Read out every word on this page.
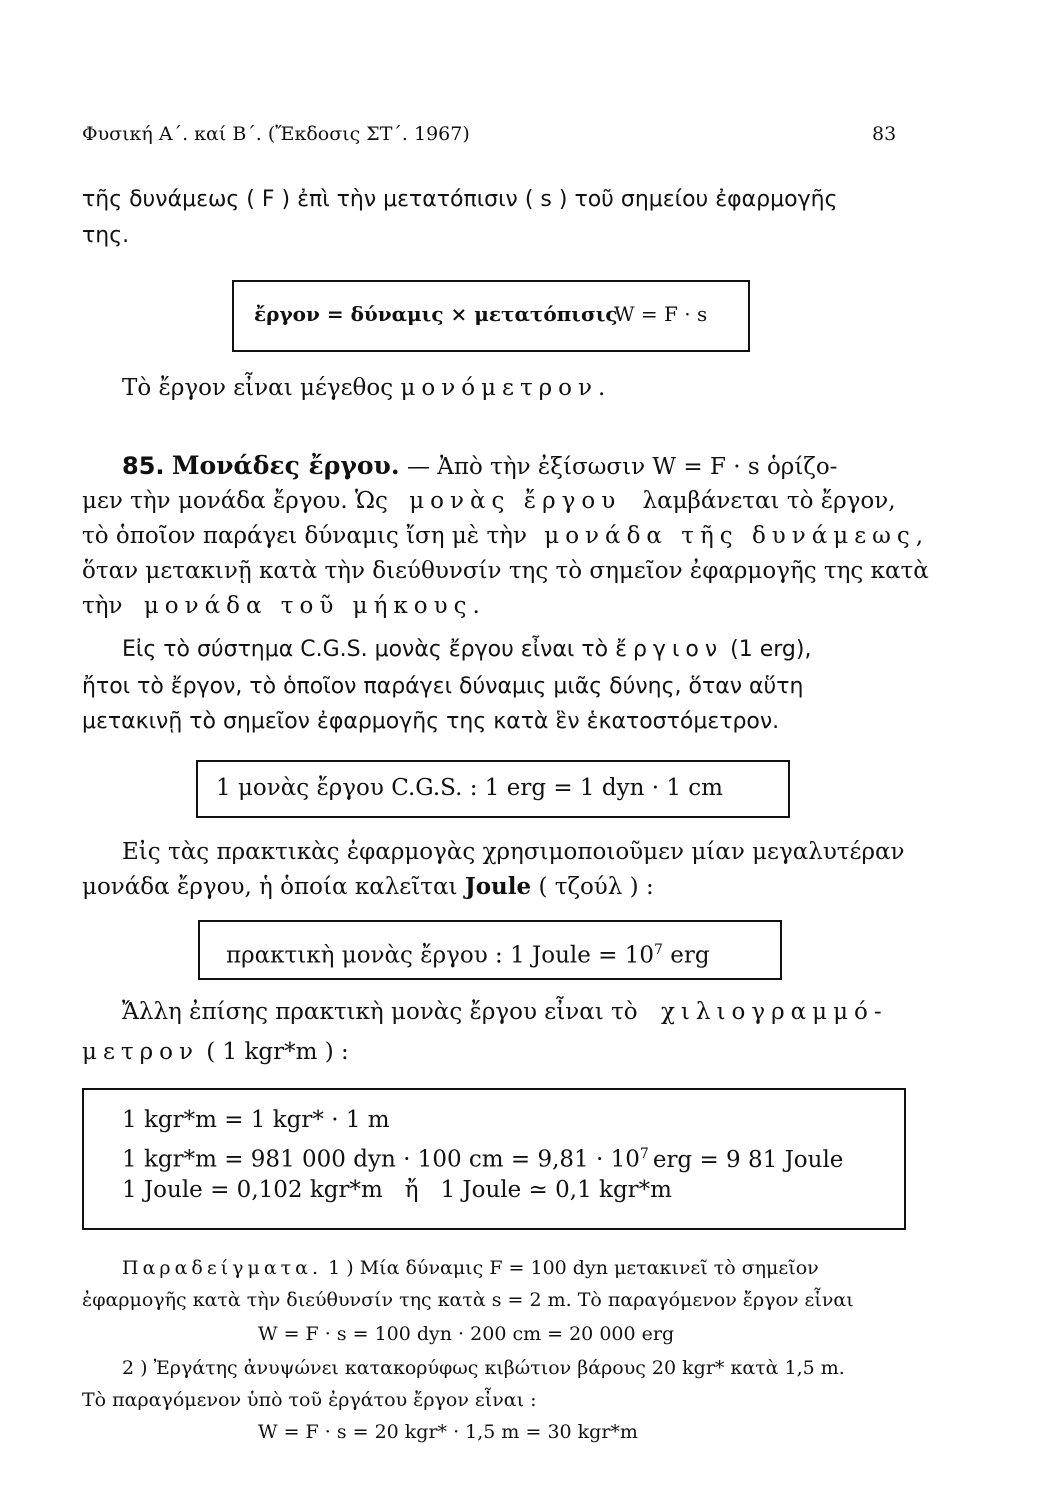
Φυσική Α΄. καί Β΄. (Ἔκδοσις ΣΤ΄. 1967)	83
τῆς δυνάμεως ( F ) ἐπὶ τὴν μετατόπισιν ( s ) τοῦ σημείου ἐφαρμογῆς
της.
ἔργον = δύναμις × μετατόπισις
W = F · s
Τὸ ἔργον εἶναι μέγεθος μονόμετρον.
85. Μονάδες ἔργου. — Ἀπὸ τὴν ἐξίσωσιν W = F · s ὁρίζο-
μεν τὴν μονάδα ἔργου. Ὡς μονὰς ἔργου λαμβάνεται τὸ ἔργον,
τὸ ὁποῖον παράγει δύναμις ἴση μὲ τὴν μονάδα τῆς δυνάμεως,
ὅταν μετακινῇ κατὰ τὴν διεύθυνσίν της τὸ σημεῖον ἐφαρμογῆς της κατὰ
τὴν μονάδα τοῦ μήκους.
Εἰς τὸ σύστημα C.G.S. μονὰς ἔργου εἶναι τὸ ἔργιον (1 erg),
ἤτοι τὸ ἔργον, τὸ ὁποῖον παράγει δύναμις μιᾶς δύνης, ὅταν αὕτη
μετακινῇ τὸ σημεῖον ἐφαρμογῆς της κατὰ ἓν ἑκατοστόμετρον.
1 μονὰς ἔργου C.G.S. : 1 erg = 1 dyn · 1 cm
Εἰς τὰς πρακτικὰς ἐφαρμογὰς χρησιμοποιοῦμεν μίαν μεγαλυτέραν
μονάδα ἔργου, ἡ ὁποία καλεῖται Joule ( τζούλ ) :
πρακτικὴ μονὰς ἔργου : 1 Joule = $10^7$ erg
Ἄλλη ἐπίσης πρακτικὴ μονὰς ἔργου εἶναι τὸ χιλιογραμμό-
μετρον ( 1 kgr*m ) :
1 kgr*m = 1 kgr* · 1 m
1 kgr*m = 981 000 dyn · 100 cm = $9,81 \cdot 10^7$ erg = 9 81 Joule
1 Joule = 0,102 kgr*m   ἤ   1 Joule ≃ 0,1 kgr*m
Παραδείγματα. 1 ) Μία δύναμις F = 100 dyn μετακινεῖ τὸ σημεῖον
ἐφαρμογῆς κατὰ τὴν διεύθυνσίν της κατὰ s = 2 m. Τὸ παραγόμενον ἔργον εἶναι
W = F · s = 100 dyn · 200 cm = 20 000 erg
2 ) Ἐργάτης ἀνυψώνει κατακορύφως κιβώτιον βάρους 20 kgr* κατὰ 1,5 m.
Τὸ παραγόμενον ὑπὸ τοῦ ἐργάτου ἔργον εἶναι :
W = F · s = 20 kgr* · 1,5 m = 30 kgr*m
